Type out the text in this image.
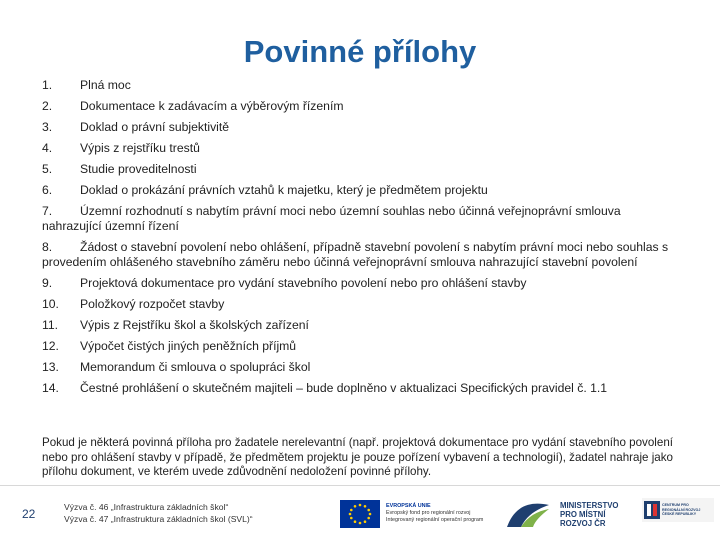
Povinné přílohy
1.	Plná moc
2.	Dokumentace k zadávacím a výběrovým řízením
3.	Doklad o právní subjektivitě
4.	Výpis z rejstříku trestů
5.	Studie proveditelnosti
6.	Doklad o prokázání právních vztahů k majetku, který je předmětem projektu
7. Územní rozhodnutí s nabytím právní moci nebo územní souhlas nebo účinná veřejnoprávní smlouva nahrazující územní řízení
8. Žádost o stavební povolení nebo ohlášení, případně stavební povolení s nabytím právní moci nebo souhlas s provedením ohlášeného stavebního záměru nebo účinná veřejnoprávní smlouva nahrazující stavební povolení
9.	Projektová dokumentace pro vydání stavebního povolení nebo pro ohlášení stavby
10.	Položkový rozpočet stavby
11.	Výpis z Rejstříku škol a školských zařízení
12.	Výpočet čistých jiných peněžních příjmů
13.	Memorandum či smlouva o spolupráci škol
14.	Čestné prohlášení o skutečném majiteli – bude doplněno v aktualizaci Specifických pravidel č. 1.1
Pokud je některá povinná příloha pro žadatele nerelevantní (např. projektová dokumentace pro vydání stavebního povolení nebo pro ohlášení stavby v případě, že předmětem projektu je pouze pořízení vybavení a technologií), žadatel nahraje jako přílohu dokument, ve kterém uvede zdůvodnění nedoložení povinné přílohy.
22	Výzva č. 46 „Infrastruktura základních škol“
Výzva č. 47 „Infrastruktura základních škol (SVL)“
EVROPSKÁ UNIE
Evropský fond pro regionální rozvoj
Integrovaný regionální operační program
MINISTERSTVO
PRO MÍSTNÍ
ROZVOJ ČR
CENTRUM PRO REGIONÁLNÍ ROZVOJ ČESKÉ REPUBLIKY
